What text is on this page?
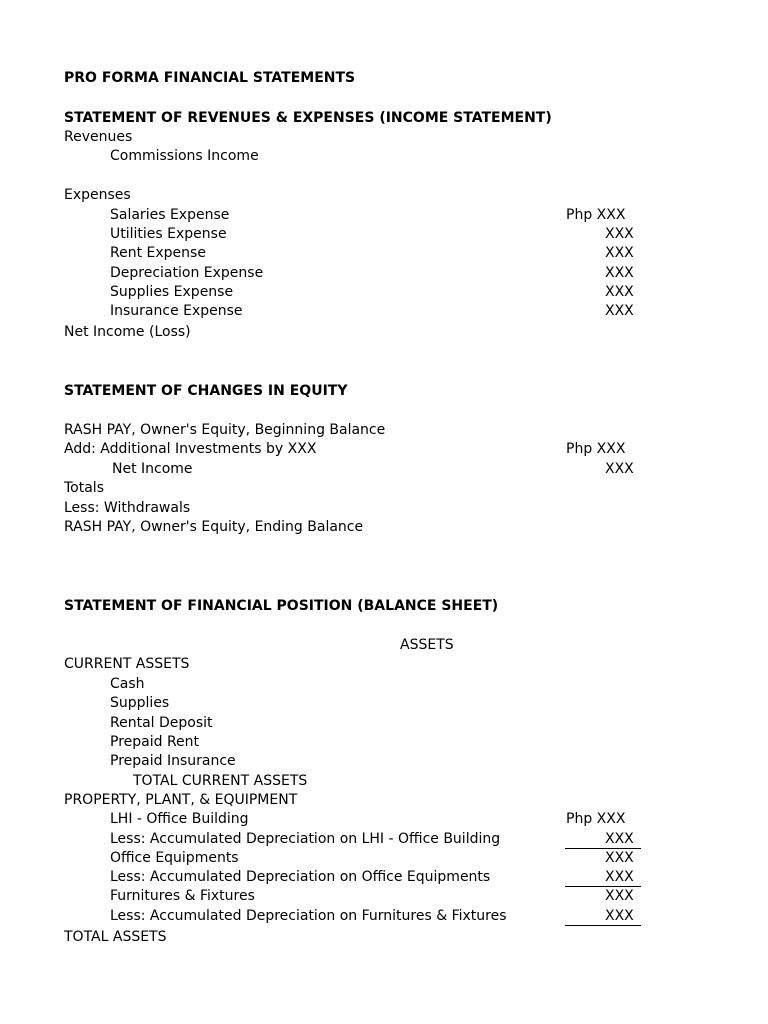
PRO FORMA FINANCIAL STATEMENTS
STATEMENT OF REVENUES & EXPENSES (INCOME STATEMENT)
Revenues
Commissions Income
Expenses
Salaries Expense	Php XXX
Utilities Expense	XXX
Rent Expense	XXX
Depreciation Expense	XXX
Supplies Expense	XXX
Insurance Expense	XXX
Net Income (Loss)
STATEMENT OF CHANGES IN EQUITY
RASH PAY, Owner's Equity, Beginning Balance
Add: Additional Investments by XXX	Php XXX
Net Income	XXX
Totals
Less: Withdrawals
RASH PAY, Owner's Equity, Ending Balance
STATEMENT OF FINANCIAL POSITION (BALANCE SHEET)
ASSETS
CURRENT ASSETS
Cash
Supplies
Rental Deposit
Prepaid Rent
Prepaid Insurance
TOTAL CURRENT ASSETS
PROPERTY, PLANT, & EQUIPMENT
LHI - Office Building	Php XXX
Less: Accumulated Depreciation on LHI - Office Building	XXX
Office Equipments	XXX
Less: Accumulated Depreciation on Office Equipments	XXX
Furnitures & Fixtures	XXX
Less: Accumulated Depreciation on Furnitures & Fixtures	XXX
TOTAL ASSETS
